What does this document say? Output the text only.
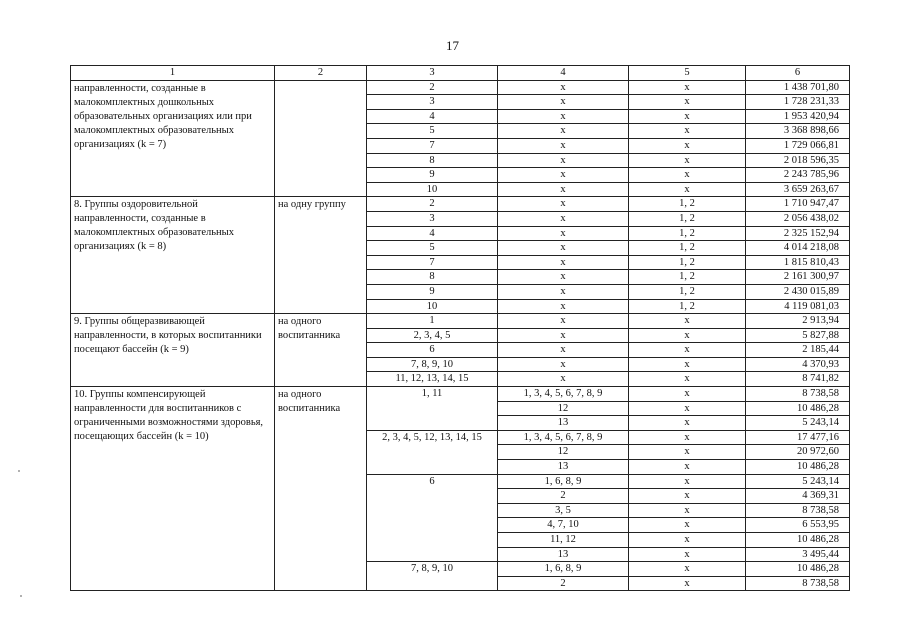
17
1	2	3	4	5	6
направленности, созданные в малокомплектных дошкольных образовательных организациях или при малокомплектных образовательных организациях (k = 7)		2	х	х	1 438 701,80
		3	х	х	1 728 231,33
		4	х	х	1 953 420,94
		5	х	х	3 368 898,66
		7	х	х	1 729 066,81
		8	х	х	2 018 596,35
		9	х	х	2 243 785,96
		10	х	х	3 659 263,67
8. Группы оздоровительной направленности, созданные в малокомплектных образовательных организациях (k = 8)	на одну группу	2	х	1, 2	1 710 947,47
		3	х	1, 2	2 056 438,02
		4	х	1, 2	2 325 152,94
		5	х	1, 2	4 014 218,08
		7	х	1, 2	1 815 810,43
		8	х	1, 2	2 161 300,97
		9	х	1, 2	2 430 015,89
		10	х	1, 2	4 119 081,03
9. Группы общеразвивающей направленности, в которых воспитанники посещают бассейн (k = 9)	на одного воспитанника	1	х	х	2 913,94
		2, 3, 4, 5	х	х	5 827,88
		6	х	х	2 185,44
		7, 8, 9, 10	х	х	4 370,93
		11, 12, 13, 14, 15	х	х	8 741,82
10. Группы компенсирующей направленности для воспитанников с ограниченными возможностями здоровья, посещающих бассейн (k = 10)	на одного воспитанника	1, 11	1, 3, 4, 5, 6, 7, 8, 9	х	8 738,58
			12	х	10 486,28
			13	х	5 243,14
		2, 3, 4, 5, 12, 13, 14, 15	1, 3, 4, 5, 6, 7, 8, 9	х	17 477,16
			12	х	20 972,60
			13	х	10 486,28
		6	1, 6, 8, 9	х	5 243,14
			2	х	4 369,31
			3, 5	х	8 738,58
			4, 7, 10	х	6 553,95
			11, 12	х	10 486,28
			13	х	3 495,44
		7, 8, 9, 10	1, 6, 8, 9	х	10 486,28
			2	х	8 738,58
